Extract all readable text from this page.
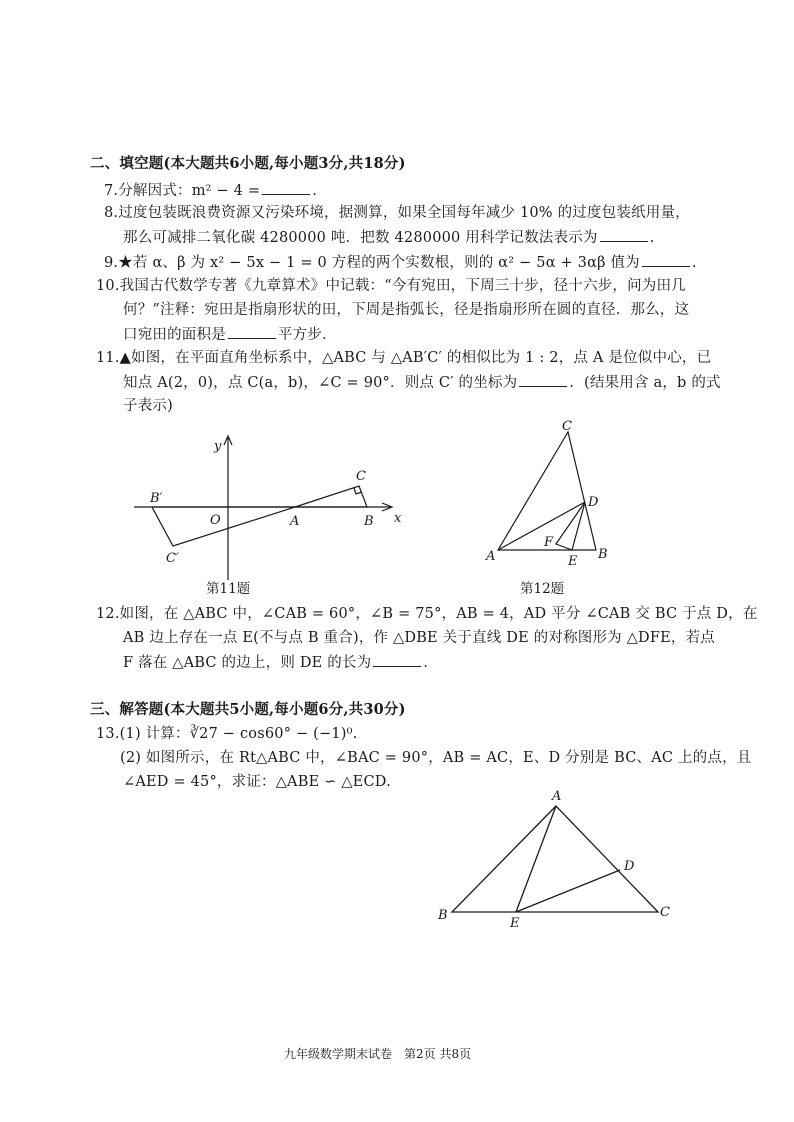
二、填空题(本大题共6小题,每小题3分,共18分)
7.分解因式：m² − 4 =	.
8.过度包装既浪费资源又污染环境，据测算，如果全国每年减少 10% 的过度包装纸用量，
那么可减排二氧化碳 4280000 吨．把数 4280000 用科学记数法表示为	.
9.★若 α、β 为 x² − 5x − 1 = 0 方程的两个实数根，则的 α² − 5α + 3αβ 值为	.
10.我国古代数学专著《九章算术》中记载：“今有宛田，下周三十步，径十六步，问为田几
何？”注释：宛田是指扇形状的田，下周是指弧长，径是指扇形所在圆的直径．那么，这
口宛田的面积是	平方步．
11.▲如图，在平面直角坐标系中，△ABC 与 △AB′C′ 的相似比为 1 : 2，点 A 是位似中心，已
知点 A(2，0)，点 C(a，b)，∠C = 90°．则点 C′ 的坐标为	．(结果用含 a，b 的式
子表示)
y
x
O	A	B
C
B′
C′
第11题
C
D
F
A	E B
第12题
12.如图，在 △ABC 中，∠CAB = 60°，∠B = 75°，AB = 4，AD 平分 ∠CAB 交 BC 于点 D，在
AB 边上存在一点 E(不与点 B 重合)，作 △DBE 关于直线 DE 的对称图形为 △DFE，若点
F 落在 △ABC 的边上，则 DE 的长为	.
三、解答题(本大题共5小题,每小题6分,共30分)
13.(1) 计算：∛27 − cos60° − (−1)⁰.
(2) 如图所示，在 Rt△ABC 中，∠BAC = 90°，AB = AC，E、D 分别是 BC、AC 上的点，且
∠AED = 45°，求证：△ABE ∽ △ECD.
A
D
B
E
C
九年级数学期末试卷　第2页 共8页
